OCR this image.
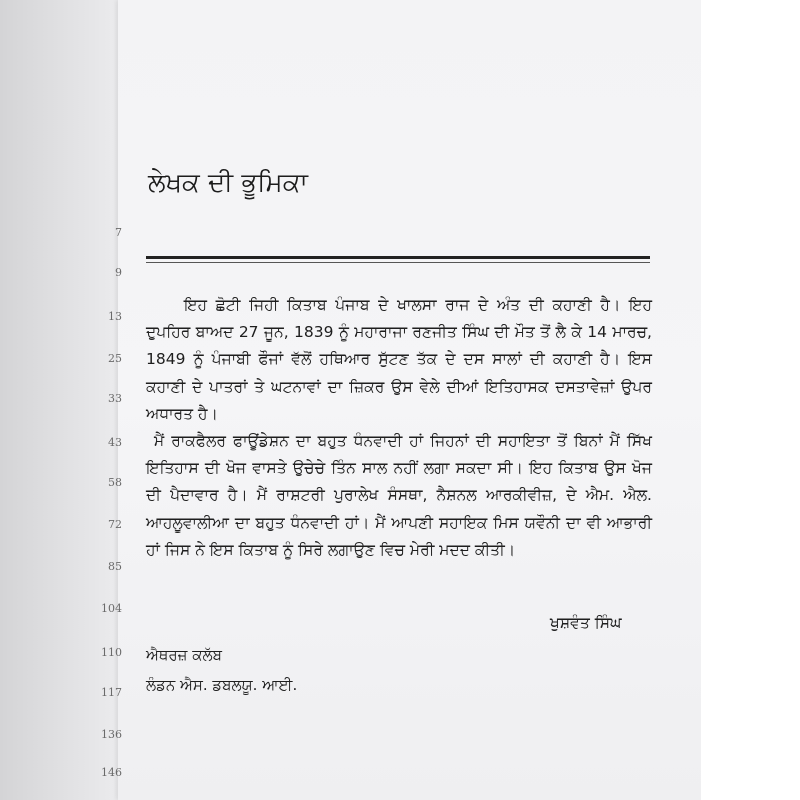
7
9
13
25
33
43
58
72
85
104
110
117
136
146
ਲੇਖਕ ਦੀ ਭੂਮਿਕਾ

ਇਹ ਛੋਟੀ ਜਿਹੀ ਕਿਤਾਬ ਪੰਜਾਬ ਦੇ ਖਾਲਸਾ ਰਾਜ ਦੇ ਅੰਤ ਦੀ ਕਹਾਣੀ ਹੈ। ਇਹ ਦੁਪਹਿਰ ਬਾਅਦ 27 ਜੂਨ, 1839 ਨੂੰ ਮਹਾਰਾਜਾ ਰਣਜੀਤ ਸਿੰਘ ਦੀ ਮੌਤ ਤੋਂ ਲੈ ਕੇ 14 ਮਾਰਚ, 1849 ਨੂੰ ਪੰਜਾਬੀ ਫੌਜਾਂ ਵੱਲੋਂ ਹਥਿਆਰ ਸੁੱਟਣ ਤੱਕ ਦੇ ਦਸ ਸਾਲਾਂ ਦੀ ਕਹਾਣੀ ਹੈ। ਇਸ ਕਹਾਣੀ ਦੇ ਪਾਤਰਾਂ ਤੇ ਘਟਨਾਵਾਂ ਦਾ ਜ਼ਿਕਰ ਉਸ ਵੇਲੇ ਦੀਆਂ ਇਤਿਹਾਸਕ ਦਸਤਾਵੇਜ਼ਾਂ ਉਪਰ ਅਧਾਰਤ ਹੈ।

ਮੈਂ ਰਾਕਫੈਲਰ ਫਾਊਂਡੇਸ਼ਨ ਦਾ ਬਹੁਤ ਧੰਨਵਾਦੀ ਹਾਂ ਜਿਹਨਾਂ ਦੀ ਸਹਾਇਤਾ ਤੋਂ ਬਿਨਾਂ ਮੈਂ ਸਿੱਖ ਇਤਿਹਾਸ ਦੀ ਖੋਜ ਵਾਸਤੇ ਉਚੇਚੇ ਤਿੰਨ ਸਾਲ ਨਹੀਂ ਲਗਾ ਸਕਦਾ ਸੀ। ਇਹ ਕਿਤਾਬ ਉਸ ਖੋਜ ਦੀ ਪੈਦਾਵਾਰ ਹੈ। ਮੈਂ ਰਾਸ਼ਟਰੀ ਪੁਰਾਲੇਖ ਸੰਸਥਾ, ਨੈਸ਼ਨਲ ਆਰਕੀਵੀਜ਼, ਦੇ ਐਮ. ਐਲ. ਆਹਲੂਵਾਲੀਆ ਦਾ ਬਹੁਤ ਧੰਨਵਾਦੀ ਹਾਂ। ਮੈਂ ਆਪਣੀ ਸਹਾਇਕ ਮਿਸ ਯਵੌਨੀ ਦਾ ਵੀ ਆਭਾਰੀ ਹਾਂ ਜਿਸ ਨੇ ਇਸ ਕਿਤਾਬ ਨੂੰ ਸਿਰੇ ਲਗਾਉਣ ਵਿਚ ਮੇਰੀ ਮਦਦ ਕੀਤੀ।

ਖੁਸ਼ਵੰਤ ਸਿੰਘ
ਐਥਰਜ਼ ਕਲੱਬ
ਲੰਡਨ ਐਸ. ਡਬਲਯੂ. ਆਈ.
